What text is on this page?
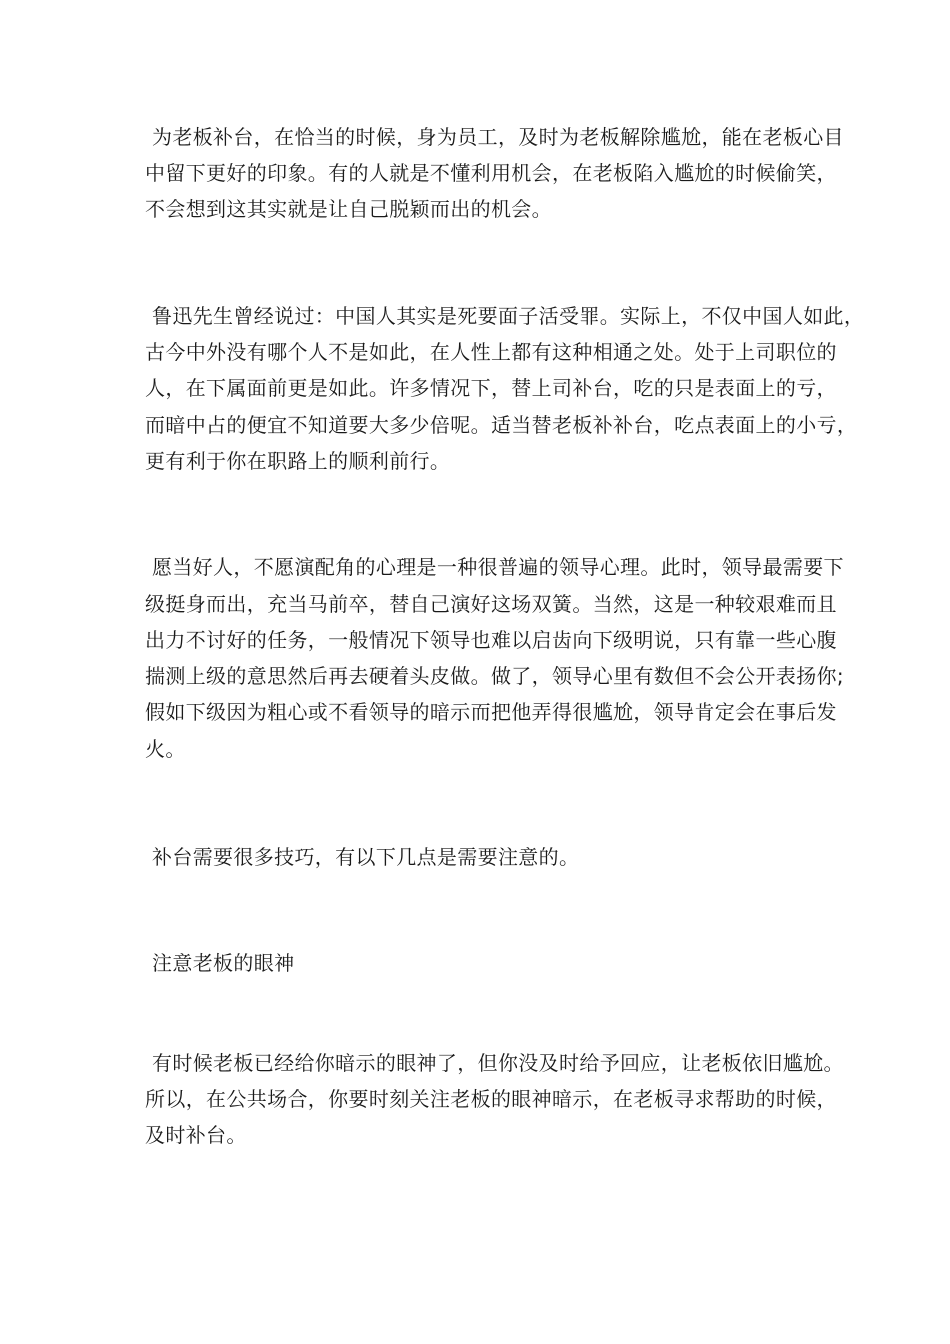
为老板补台，在恰当的时候，身为员工，及时为老板解除尴尬，能在老板心目
中留下更好的印象。有的人就是不懂利用机会，在老板陷入尴尬的时候偷笑，
不会想到这其实就是让自己脱颖而出的机会。
鲁迅先生曾经说过：中国人其实是死要面子活受罪。实际上，不仅中国人如此，
古今中外没有哪个人不是如此，在人性上都有这种相通之处。处于上司职位的
人，在下属面前更是如此。许多情况下，替上司补台，吃的只是表面上的亏，
而暗中占的便宜不知道要大多少倍呢。适当替老板补补台，吃点表面上的小亏，
更有利于你在职路上的顺利前行。
愿当好人，不愿演配角的心理是一种很普遍的领导心理。此时，领导最需要下
级挺身而出，充当马前卒，替自己演好这场双簧。当然，这是一种较艰难而且
出力不讨好的任务，一般情况下领导也难以启齿向下级明说，只有靠一些心腹
揣测上级的意思然后再去硬着头皮做。做了，领导心里有数但不会公开表扬你;
假如下级因为粗心或不看领导的暗示而把他弄得很尴尬，领导肯定会在事后发
火。
补台需要很多技巧，有以下几点是需要注意的。
注意老板的眼神
有时候老板已经给你暗示的眼神了，但你没及时给予回应，让老板依旧尴尬。
所以，在公共场合，你要时刻关注老板的眼神暗示，在老板寻求帮助的时候，
及时补台。
